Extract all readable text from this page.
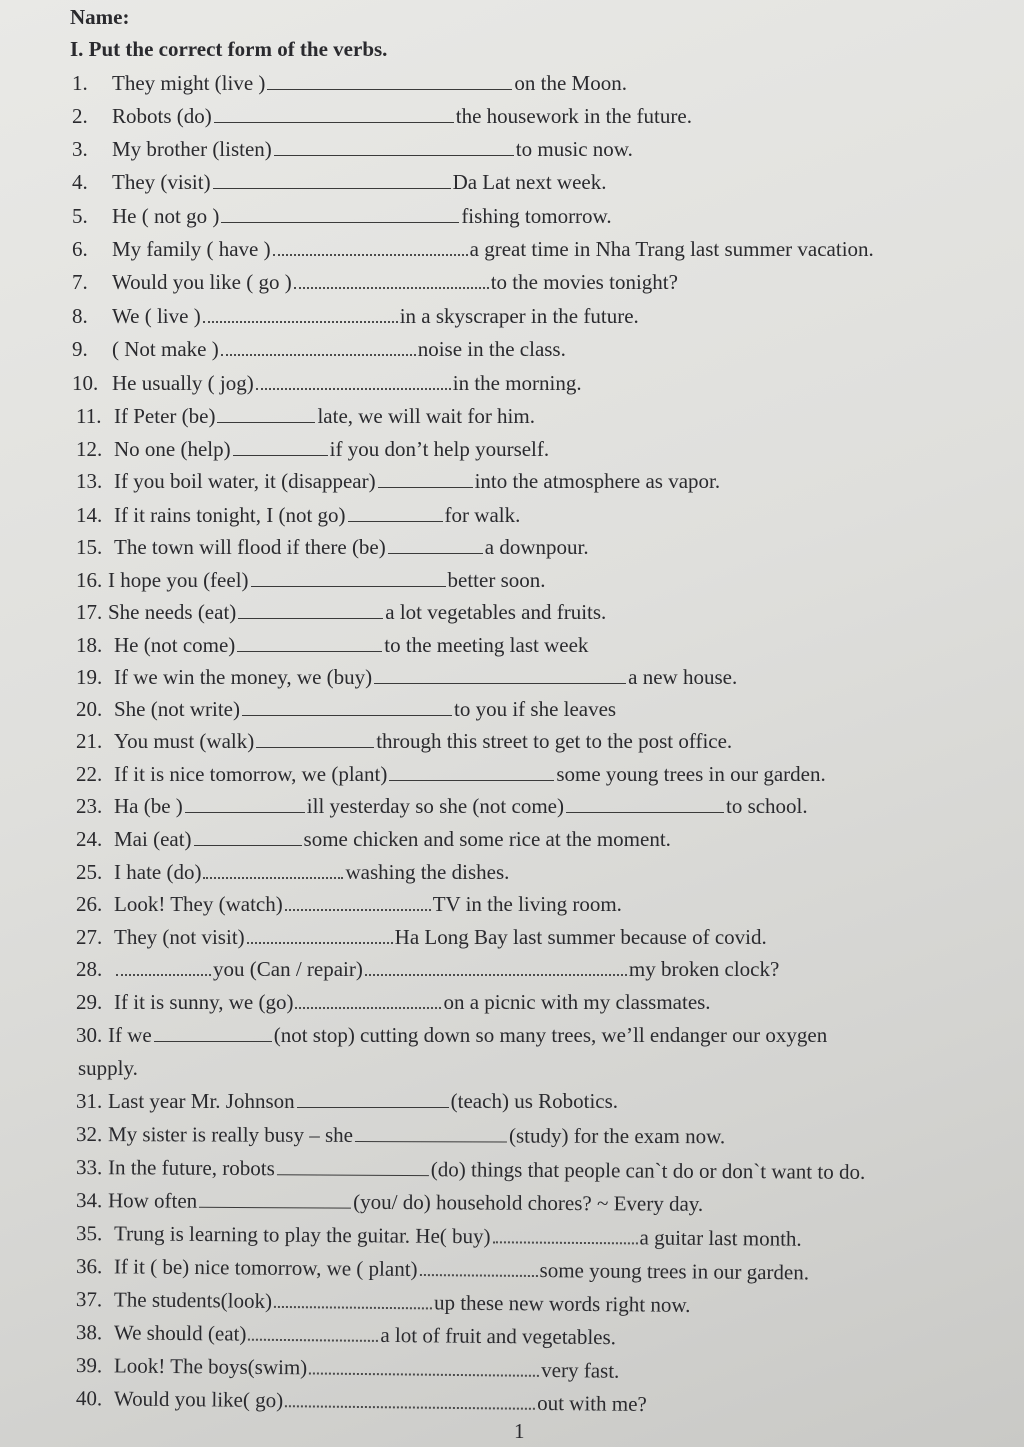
Name:
I. Put the correct form of the verbs.
1. They might (live )	on the Moon.
2. Robots (do)	the housework in the future.
3. My brother (listen)	to music now.
4. They (visit)	Da Lat next week.
5. He ( not go )	fishing tomorrow.
6. My family ( have )	a great time in Nha Trang last summer vacation.
7. Would you like ( go )	to the movies tonight?
8. We ( live )	in a skyscraper in the future.
9. ( Not make )	noise in the class.
10. He usually ( jog)	in the morning.
11. If Peter (be)	late, we will wait for him.
12. No one (help)	if you don’t help yourself.
13. If you boil water, it (disappear)	into the atmosphere as vapor.
14. If it rains tonight, I (not go)	for walk.
15. The town will flood if there (be)	a downpour.
16. I hope you (feel)	better soon.
17. She needs (eat)	a lot vegetables and fruits.
18. He (not come)	to the meeting last week
19. If we win the money, we (buy)	a new house.
20. She (not write)	to you if she leaves
21. You must (walk)	through this street to get to the post office.
22. If it is nice tomorrow, we (plant)	some young trees in our garden.
23. Ha (be )	ill yesterday so she (not come)	to school.
24. Mai (eat)	some chicken and some rice at the moment.
25. I hate (do)	washing the dishes.
26. Look! They (watch)	TV in the living room.
27. They (not visit)	Ha Long Bay last summer because of covid.
28.	you (Can / repair)	my broken clock?
29. If it is sunny, we (go)	on a picnic with my classmates.
30. If we	(not stop) cutting down so many trees, we’ll endanger our oxygen
supply.
31. Last year Mr. Johnson	(teach) us Robotics.
32. My sister is really busy – she	(study) for the exam now.
33. In the future, robots	(do) things that people can`t do or don`t want to do.
34. How often	(you/ do) household chores? ~ Every day.
35. Trung is learning to play the guitar. He( buy)	a guitar last month.
36. If it ( be) nice tomorrow, we ( plant)	some young trees in our garden.
37. The students(look)	up these new words right now.
38. We should (eat)	a lot of fruit and vegetables.
39. Look! The boys(swim)	very fast.
40. Would you like( go)	out with me?
1
